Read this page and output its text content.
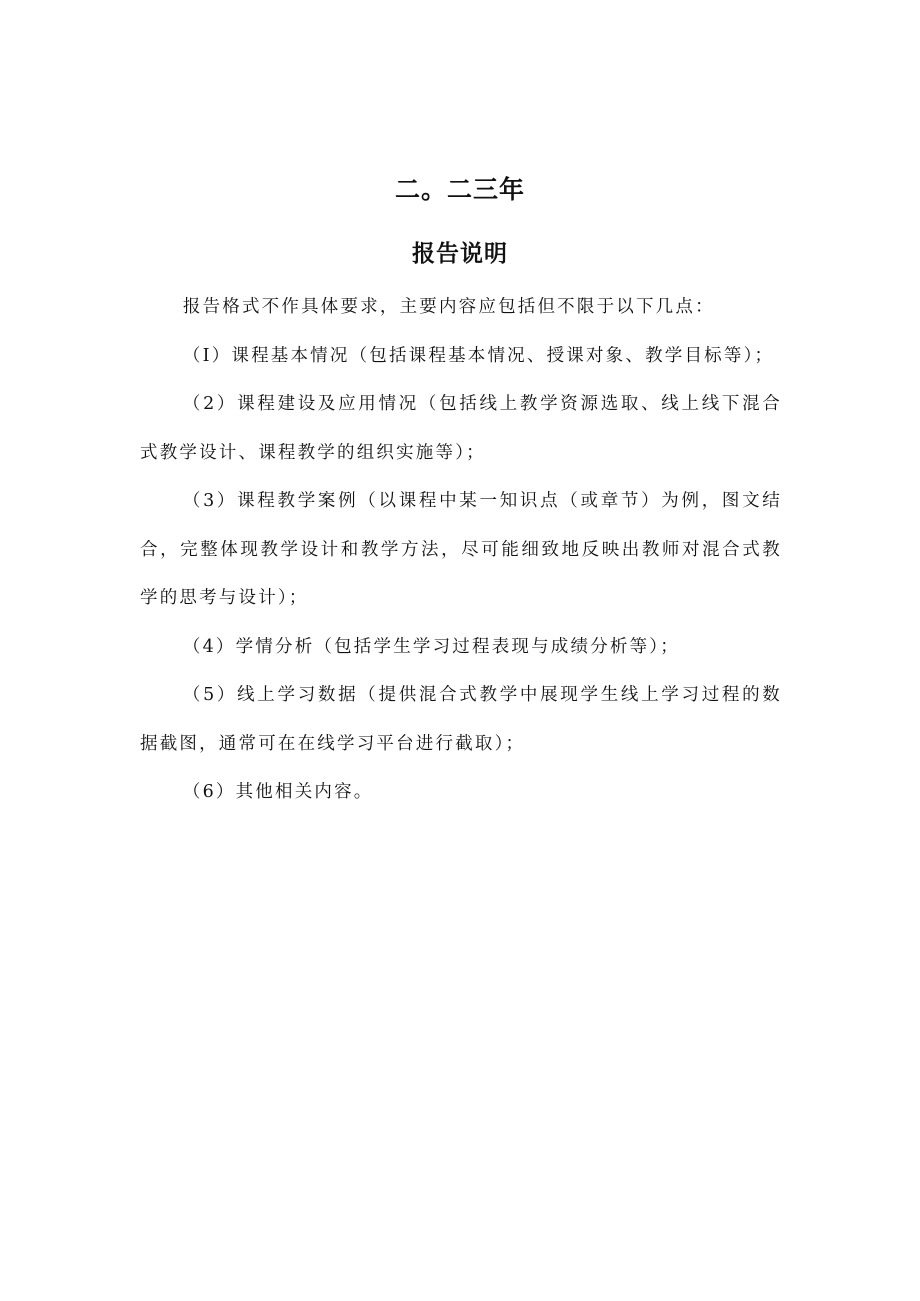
二。二三年
报告说明

报告格式不作具体要求，主要内容应包括但不限于以下几点：

（I）课程基本情况（包括课程基本情况、授课对象、教学目标等）；

（2）课程建设及应用情况（包括线上教学资源选取、线上线下混合式教学设计、课程教学的组织实施等）；

（3）课程教学案例（以课程中某一知识点（或章节）为例，图文结合，完整体现教学设计和教学方法，尽可能细致地反映出教师对混合式教学的思考与设计）；

（4）学情分析（包括学生学习过程表现与成绩分析等）；

（5）线上学习数据（提供混合式教学中展现学生线上学习过程的数据截图，通常可在在线学习平台进行截取）；

（6）其他相关内容。
